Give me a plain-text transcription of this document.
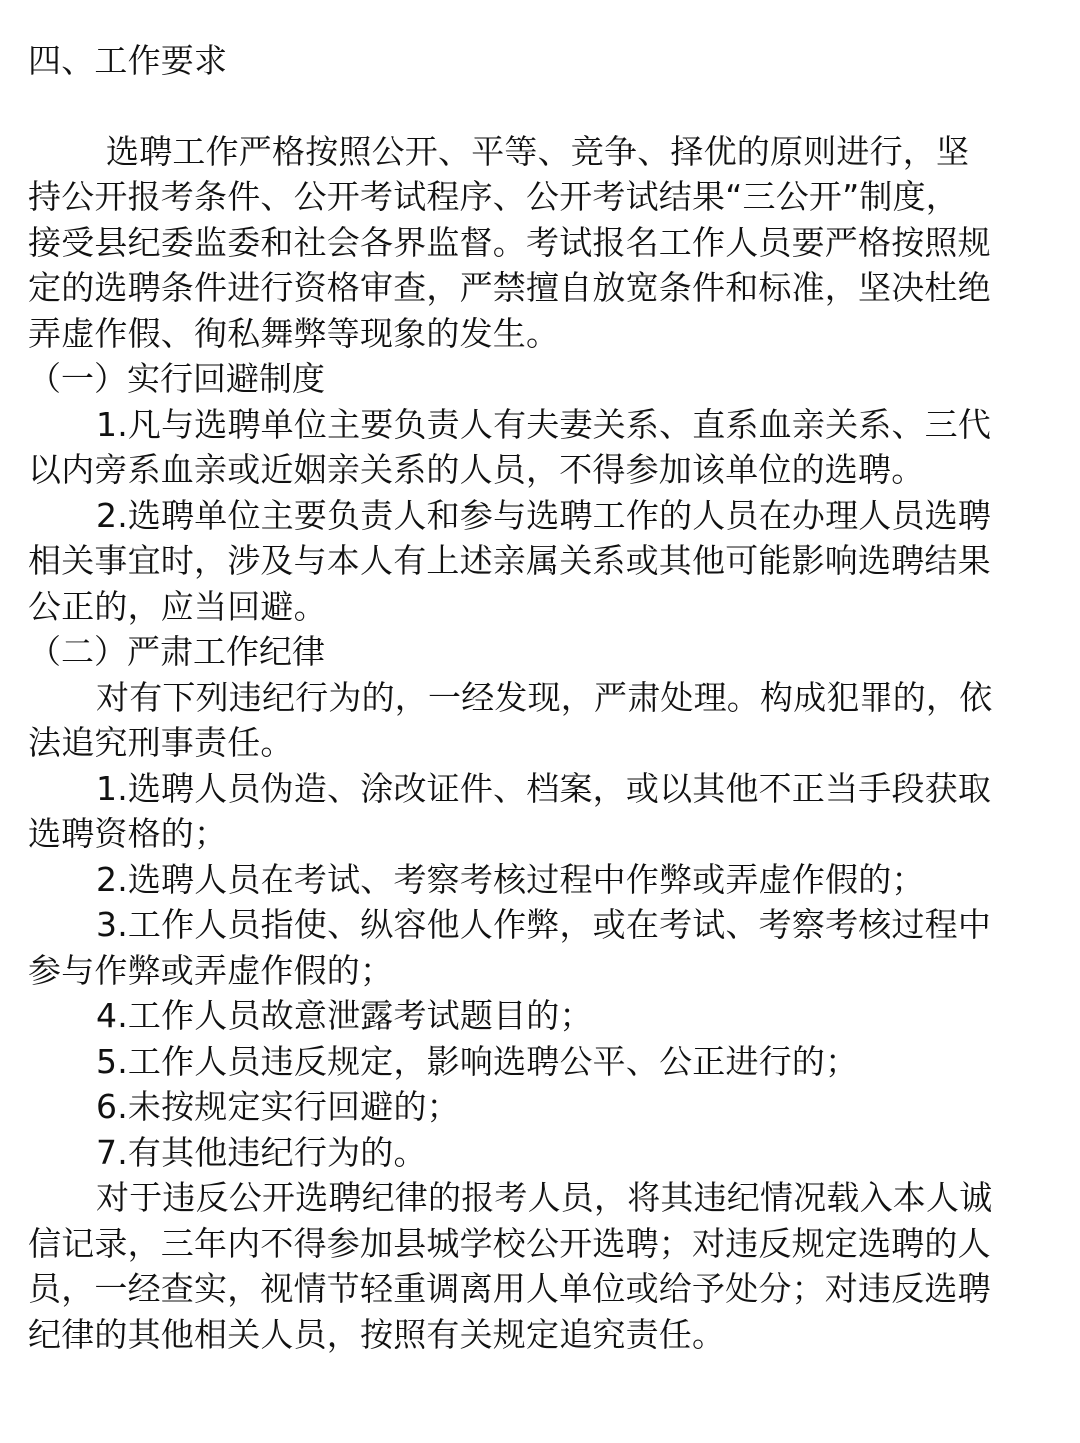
四、工作要求

选聘工作严格按照公开、平等、竞争、择优的原则进行，坚

持公开报考条件、公开考试程序、公开考试结果“三公开”制度，

接受县纪委监委和社会各界监督。考试报名工作人员要严格按照规

定的选聘条件进行资格审查，严禁擅自放宽条件和标准，坚决杜绝

弄虚作假、徇私舞弊等现象的发生。

（一）实行回避制度

1.凡与选聘单位主要负责人有夫妻关系、直系血亲关系、三代

以内旁系血亲或近姻亲关系的人员，不得参加该单位的选聘。

2.选聘单位主要负责人和参与选聘工作的人员在办理人员选聘

相关事宜时，涉及与本人有上述亲属关系或其他可能影响选聘结果

公正的，应当回避。

（二）严肃工作纪律

对有下列违纪行为的，一经发现，严肃处理。构成犯罪的，依

法追究刑事责任。

1.选聘人员伪造、涂改证件、档案，或以其他不正当手段获取

选聘资格的；

2.选聘人员在考试、考察考核过程中作弊或弄虚作假的；

3.工作人员指使、纵容他人作弊，或在考试、考察考核过程中

参与作弊或弄虚作假的；

4.工作人员故意泄露考试题目的；

5.工作人员违反规定，影响选聘公平、公正进行的；

6.未按规定实行回避的；

7.有其他违纪行为的。

对于违反公开选聘纪律的报考人员，将其违纪情况载入本人诚

信记录，三年内不得参加县城学校公开选聘；对违反规定选聘的人

员，一经查实，视情节轻重调离用人单位或给予处分；对违反选聘

纪律的其他相关人员，按照有关规定追究责任。
